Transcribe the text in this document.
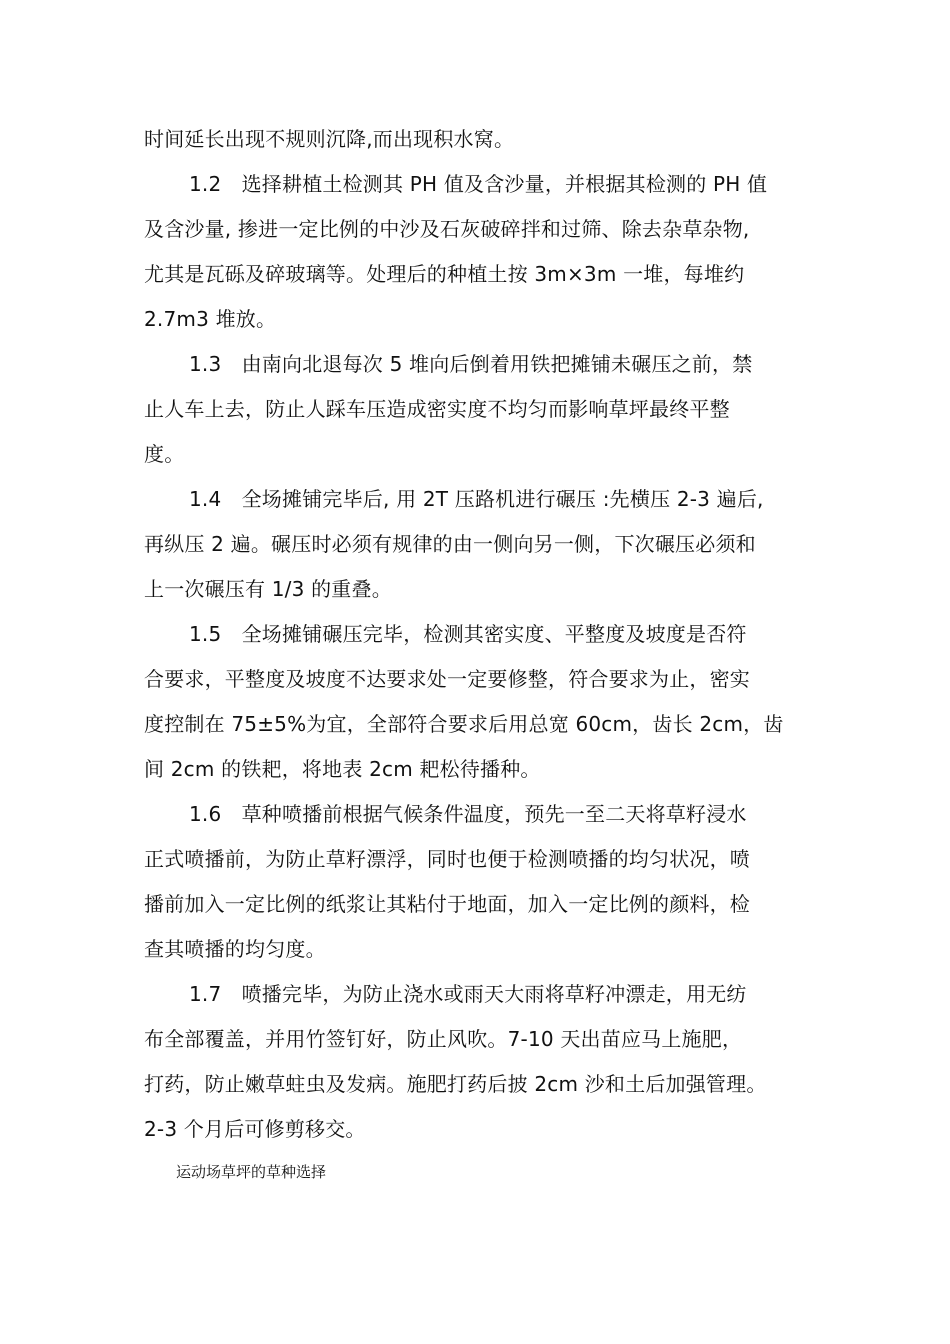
时间延长出现不规则沉降,而出现积水窝。
1.2　选择耕植土检测其 PH 值及含沙量，并根据其检测的 PH 值
及含沙量, 掺进一定比例的中沙及石灰破碎拌和过筛、除去杂草杂物,
尤其是瓦砾及碎玻璃等。处理后的种植土按 3m×3m 一堆，每堆约
2.7m3 堆放。
1.3　由南向北退每次 5 堆向后倒着用铁把摊铺未碾压之前，禁
止人车上去，防止人踩车压造成密实度不均匀而影响草坪最终平整
度。
1.4　全场摊铺完毕后, 用 2T 压路机进行碾压 :先横压 2-3 遍后,
再纵压 2 遍。碾压时必须有规律的由一侧向另一侧，下次碾压必须和
上一次碾压有 1/3 的重叠。
1.5　全场摊铺碾压完毕，检测其密实度、平整度及坡度是否符
合要求，平整度及坡度不达要求处一定要修整，符合要求为止，密实
度控制在 75±5%为宜，全部符合要求后用总宽 60cm，齿长 2cm，齿
间 2cm 的铁耙，将地表 2cm 耙松待播种。
1.6　草种喷播前根据气候条件温度，预先一至二天将草籽浸水
正式喷播前，为防止草籽漂浮，同时也便于检测喷播的均匀状况，喷
播前加入一定比例的纸浆让其粘付于地面，加入一定比例的颜料，检
查其喷播的均匀度。
1.7　喷播完毕，为防止浇水或雨天大雨将草籽冲漂走，用无纺
布全部覆盖，并用竹签钉好，防止风吹。7-10 天出苗应马上施肥，
打药，防止嫩草蛀虫及发病。施肥打药后披 2cm 沙和土后加强管理。
2-3 个月后可修剪移交。
运动场草坪的草种选择
